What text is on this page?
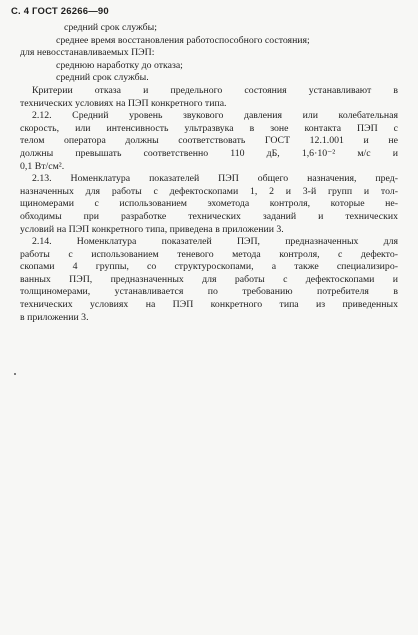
С. 4 ГОСТ 26266—90
средний срок службы;
среднее время восстановления работоспособного состояния;
для невосстанавливаемых ПЭП:
среднюю наработку до отказа;
средний срок службы.
Критерии отказа и предельного состояния устанавливают в
технических условиях на ПЭП конкретного типа.
2.12. Средний уровень звукового давления или колебательная
скорость, или интенсивность ультразвука в зоне контакта ПЭП с
телом оператора должны соответствовать ГОСТ 12.1.001 и не
должны превышать соответственно 110 дБ, 1,6·10⁻² м/с и
0,1 Вт/см².
2.13. Номенклатура показателей ПЭП общего назначения, пред-
назначенных для работы с дефектоскопами 1, 2 и 3-й групп и тол-
щиномерами с использованием эхометода контроля, которые не-
обходимы при разработке технических заданий и технических
условий на ПЭП конкретного типа, приведена в приложении 3.
2.14. Номенклатура показателей ПЭП, предназначенных для
работы с использованием теневого метода контроля, с дефекто-
скопами 4 группы, со структуроскопами, а также специализиро-
ванных ПЭП, предназначенных для работы с дефектоскопами и
толщиномерами, устанавливается по требованию потребителя в
технических условиях на ПЭП конкретного типа из приведенных
в приложении 3.
